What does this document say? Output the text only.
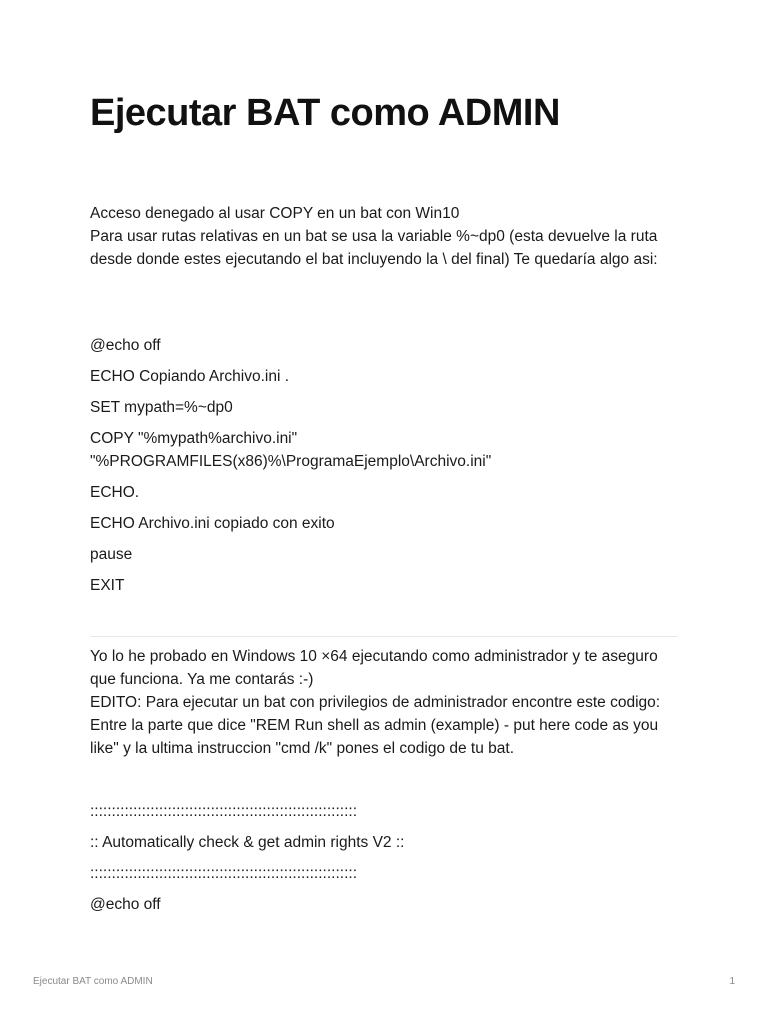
Ejecutar BAT como ADMIN

Acceso denegado al usar COPY en un bat con Win10

Para usar rutas relativas en un bat se usa la variable %~dp0 (esta devuelve la ruta desde donde estes ejecutando el bat incluyendo la \ del final) Te quedaría algo asi:

@echo off

ECHO Copiando Archivo.ini .

SET mypath=%~dp0

COPY "%mypath%archivo.ini" "%PROGRAMFILES(x86)%\ProgramaEjemplo\Archivo.ini"

ECHO.

ECHO Archivo.ini copiado con exito

pause

EXIT

Yo lo he probado en Windows 10 ×64 ejecutando como administrador y te aseguro que funciona. Ya me contarás :-)

EDITO: Para ejecutar un bat con privilegios de administrador encontre este codigo: Entre la parte que dice "REM Run shell as admin (example) - put here code as you like" y la ultima instruccion "cmd /k" pones el codigo de tu bat.

::::::::::::::::::::::::::::::::::::::::::::::::::::::::::::::

:: Automatically check & get admin rights V2 ::

::::::::::::::::::::::::::::::::::::::::::::::::::::::::::::::

@echo off

Ejecutar BAT como ADMIN	1
